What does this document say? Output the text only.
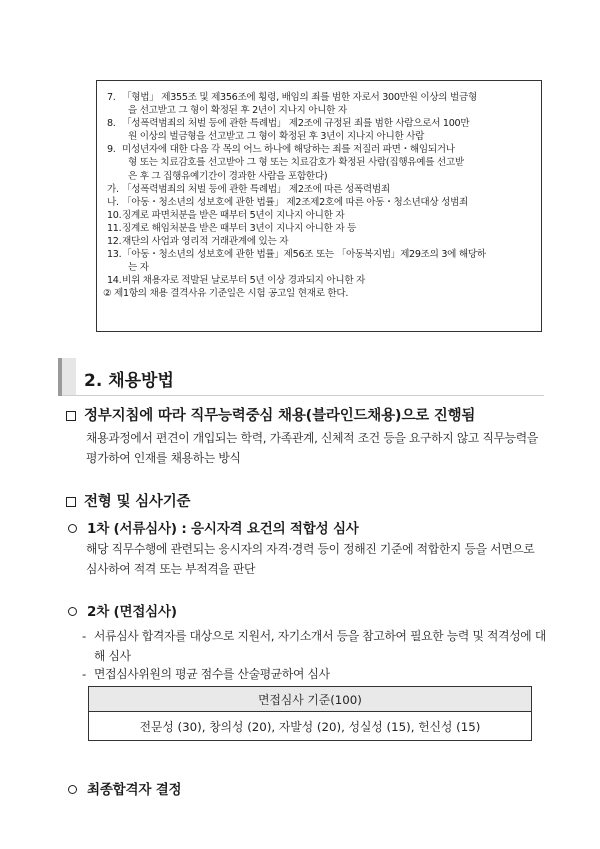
7. 「형법」 제355조 및 제356조에 횡령, 배임의 죄를 범한 자로서 300만원 이상의 벌금형
을 선고받고 그 형이 확정된 후 2년이 지나지 아니한 자
8. 「성폭력범죄의 처벌 등에 관한 특례법」 제2조에 규정된 죄를 범한 사람으로서 100만
원 이상의 벌금형을 선고받고 그 형이 확정된 후 3년이 지나지 아니한 사람
9. 미성년자에 대한 다음 각 목의 어느 하나에 해당하는 죄를 저질러 파면・해임되거나
형 또는 치료감호를 선고받아 그 형 또는 치료감호가 확정된 사람(집행유예를 선고받
은 후 그 집행유예기간이 경과한 사람을 포함한다)
가. 「성폭력범죄의 처벌 등에 관한 특례법」 제2조에 따른 성폭력범죄
나. 「아동・청소년의 성보호에 관한 법률」 제2조제2호에 따른 아동・청소년대상 성범죄
10. 징계로 파면처분을 받은 때부터 5년이 지나지 아니한 자
11. 징계로 해임처분을 받은 때부터 3년이 지나지 아니한 자 등
12. 재단의 사업과 영리적 거래관계에 있는 자
13. 「아동・청소년의 성보호에 관한 법률」제56조 또는 「아동복지법」제29조의 3에 해당하
는 자
14. 비위 채용자로 적발된 날로부터 5년 이상 경과되지 아니한 자
② 제1항의 채용 결격사유 기준일은 시험 공고일 현재로 한다.
2. 채용방법
정부지침에 따라 직무능력중심 채용(블라인드채용)으로 진행됨
채용과정에서 편견이 개입되는 학력, 가족관계, 신체적 조건 등을 요구하지 않고 직무능력을 평가하여 인재를 채용하는 방식
전형 및 심사기준
1차 (서류심사) : 응시자격 요건의 적합성 심사
해당 직무수행에 관련되는 응시자의 자격·경력 등이 정해진 기준에 적합한지 등을 서면으로 심사하여 적격 또는 부적격을 판단
2차 (면접심사)
- 서류심사 합격자를 대상으로 지원서, 자기소개서 등을 참고하여 필요한 능력 및 적격성에 대해 심사
- 면접심사위원의 평균 점수를 산술평균하여 심사
면접심사 기준(100)
전문성 (30), 창의성 (20), 자발성 (20), 성실성 (15), 헌신성 (15)
최종합격자 결정
